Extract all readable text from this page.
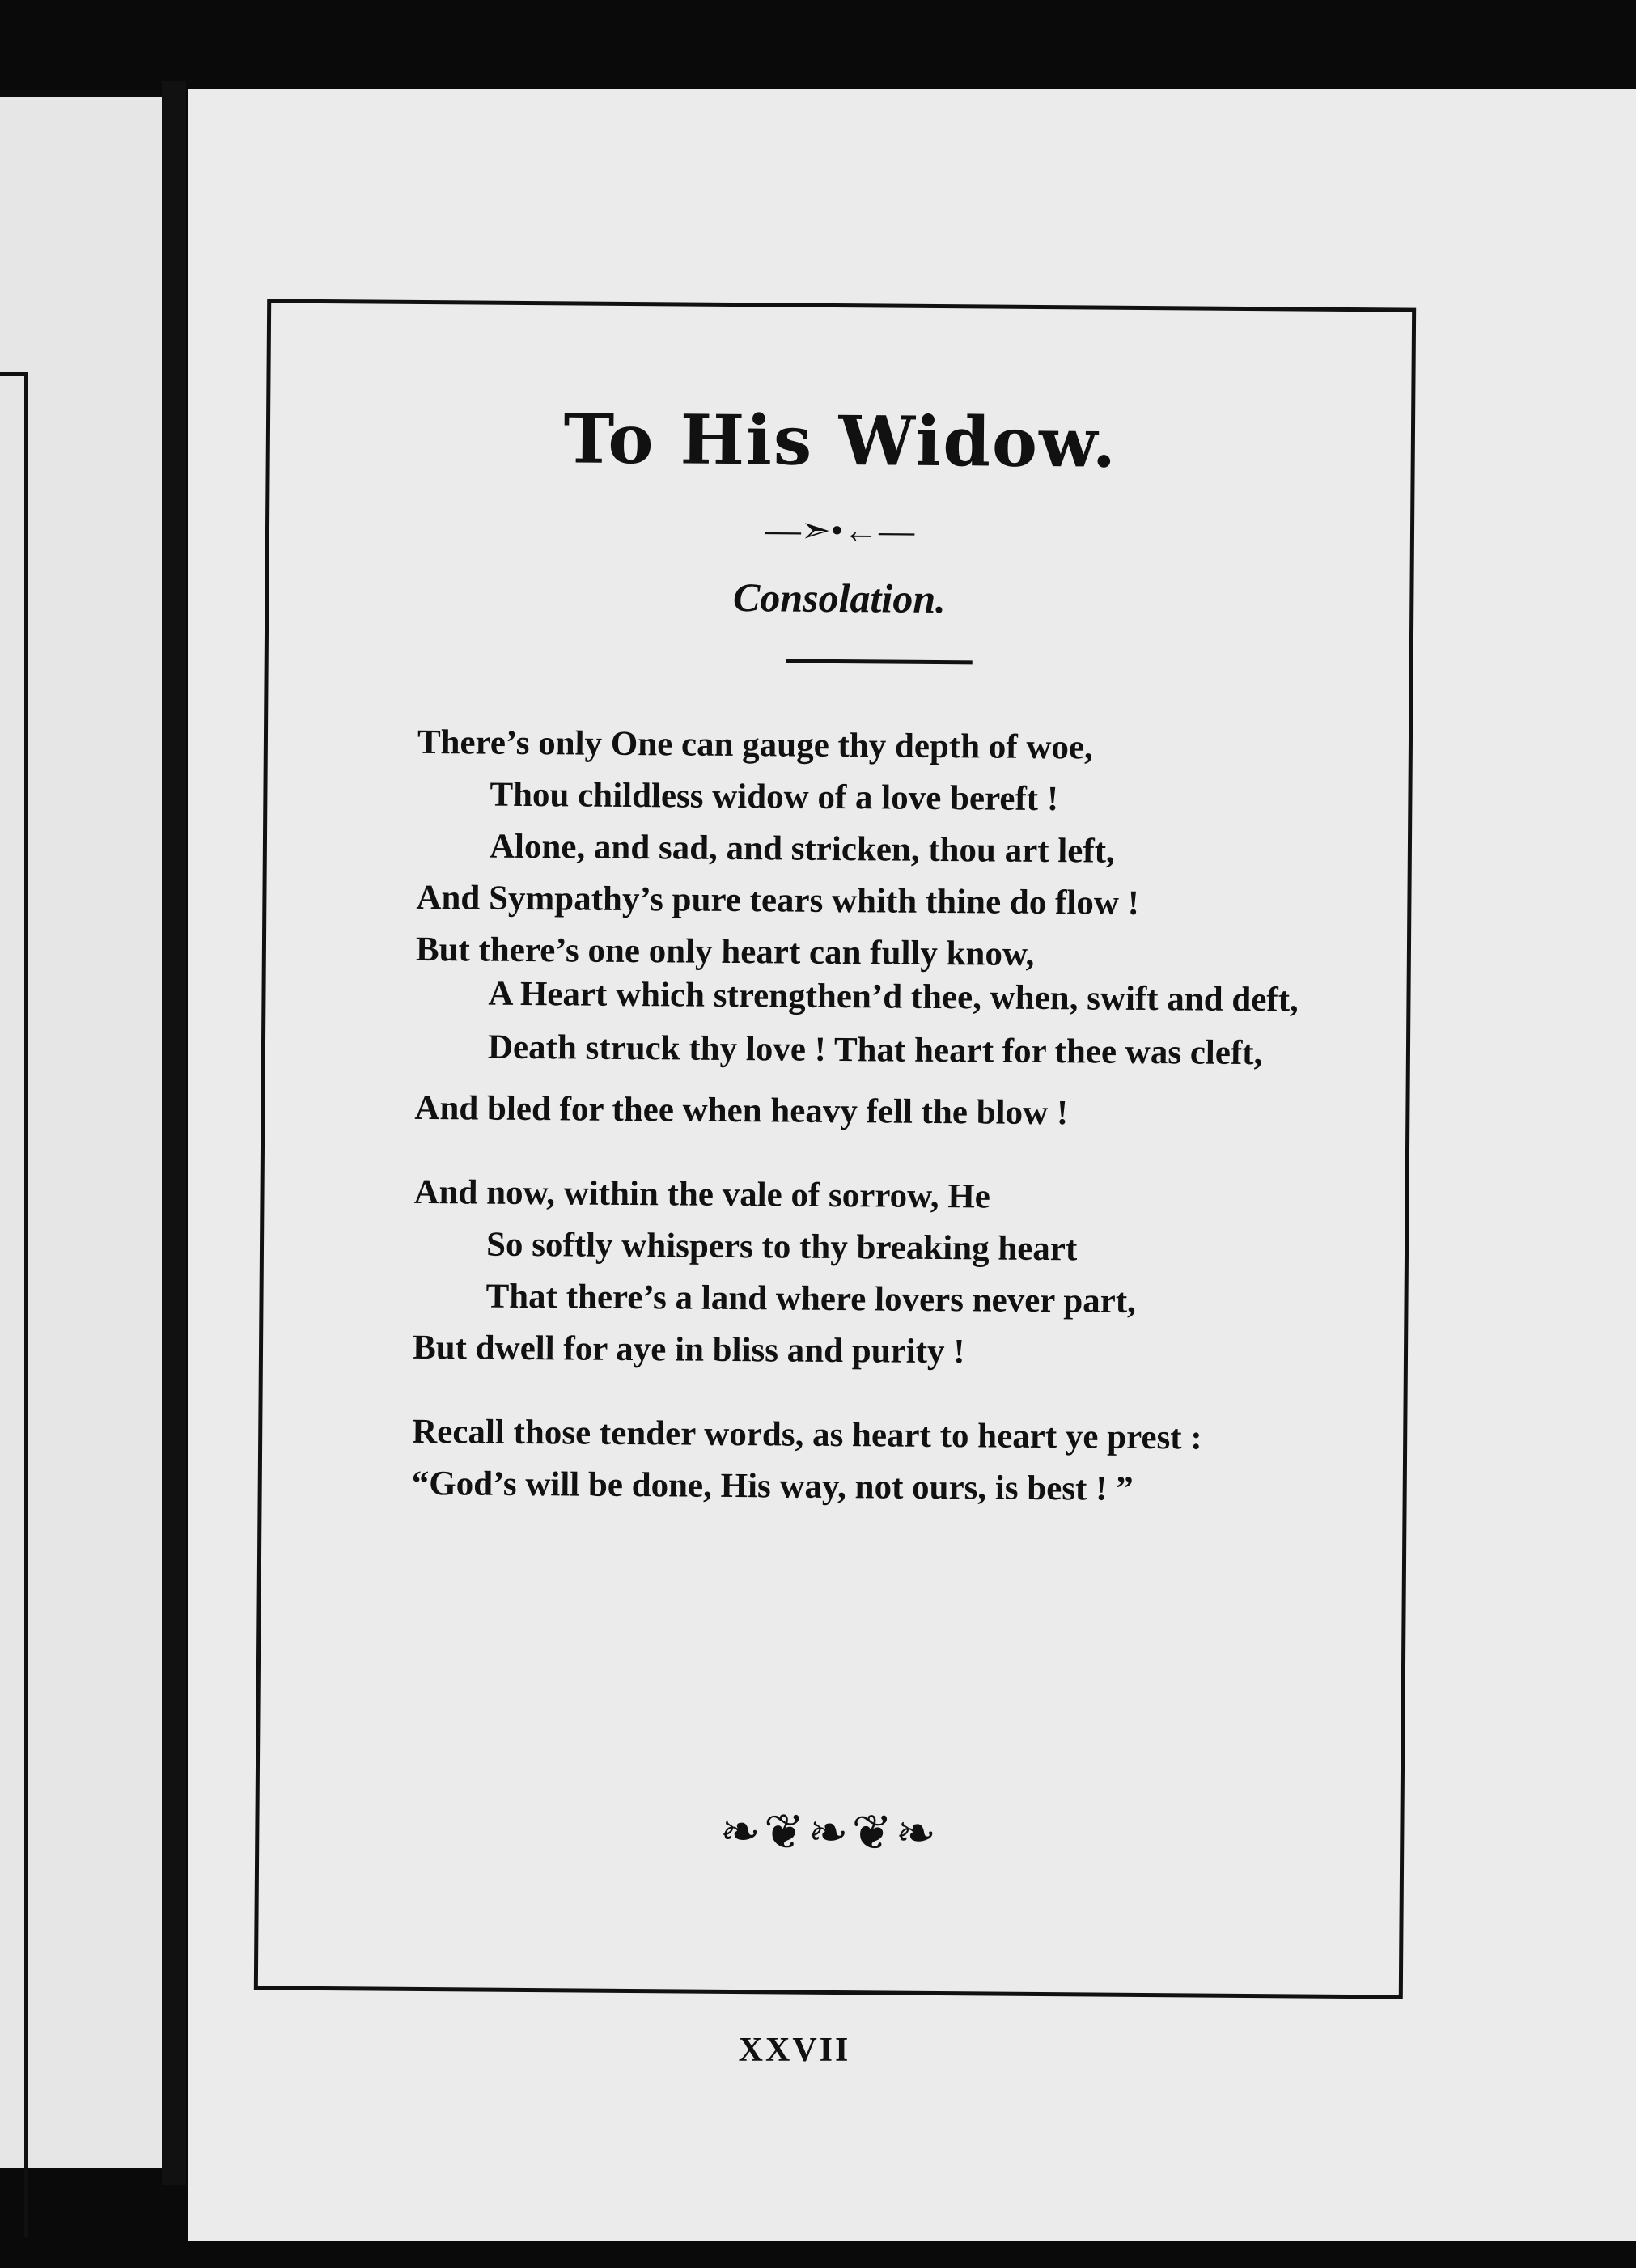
To His Widow.
—➣•←—
Consolation.
There’s only One can gauge thy depth of woe,
Thou childless widow of a love bereft !
Alone, and sad, and stricken, thou art left,
And Sympathy’s pure tears whith thine do flow !
But there’s one only heart can fully know,
A Heart which strengthen’d thee, when, swift and deft,
Death struck thy love ! That heart for thee was cleft,
And bled for thee when heavy fell the blow !
And now, within the vale of sorrow, He
So softly whispers to thy breaking heart
That there’s a land where lovers never part,
But dwell for aye in bliss and purity !
Recall those tender words, as heart to heart ye prest :
“God’s will be done, His way, not ours, is best ! ”
❧❦❧❦❧
XXVII
